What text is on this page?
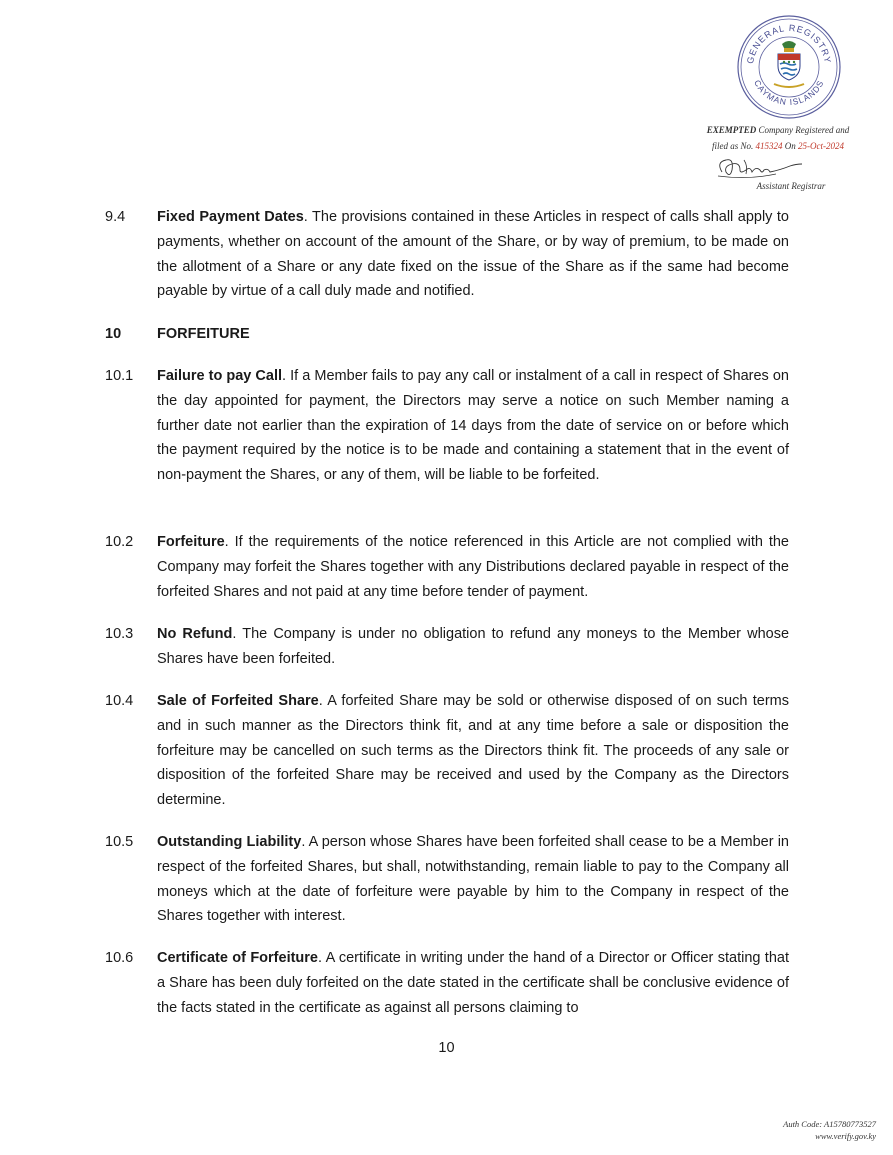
GENERAL REGISTRY
CAYMAN ISLANDS
EXEMPTED Company Registered and
filed as No. 415324 On 25-Oct-2024
Assistant Registrar
9.4 Fixed Payment Dates. The provisions contained in these Articles in respect of calls shall apply to payments, whether on account of the amount of the Share, or by way of premium, to be made on the allotment of a Share or any date fixed on the issue of the Share as if the same had become payable by virtue of a call duly made and notified.
10 FORFEITURE
10.1 Failure to pay Call. If a Member fails to pay any call or instalment of a call in respect of Shares on the day appointed for payment, the Directors may serve a notice on such Member naming a further date not earlier than the expiration of 14 days from the date of service on or before which the payment required by the notice is to be made and containing a statement that in the event of non-payment the Shares, or any of them, will be liable to be forfeited.
10.2 Forfeiture. If the requirements of the notice referenced in this Article are not complied with the Company may forfeit the Shares together with any Distributions declared payable in respect of the forfeited Shares and not paid at any time before tender of payment.
10.3 No Refund. The Company is under no obligation to refund any moneys to the Member whose Shares have been forfeited.
10.4 Sale of Forfeited Share. A forfeited Share may be sold or otherwise disposed of on such terms and in such manner as the Directors think fit, and at any time before a sale or disposition the forfeiture may be cancelled on such terms as the Directors think fit. The proceeds of any sale or disposition of the forfeited Share may be received and used by the Company as the Directors determine.
10.5 Outstanding Liability. A person whose Shares have been forfeited shall cease to be a Member in respect of the forfeited Shares, but shall, notwithstanding, remain liable to pay to the Company all moneys which at the date of forfeiture were payable by him to the Company in respect of the Shares together with interest.
10.6 Certificate of Forfeiture. A certificate in writing under the hand of a Director or Officer stating that a Share has been duly forfeited on the date stated in the certificate shall be conclusive evidence of the facts stated in the certificate as against all persons claiming to
10
Auth Code: A15780773527
www.verify.gov.ky
